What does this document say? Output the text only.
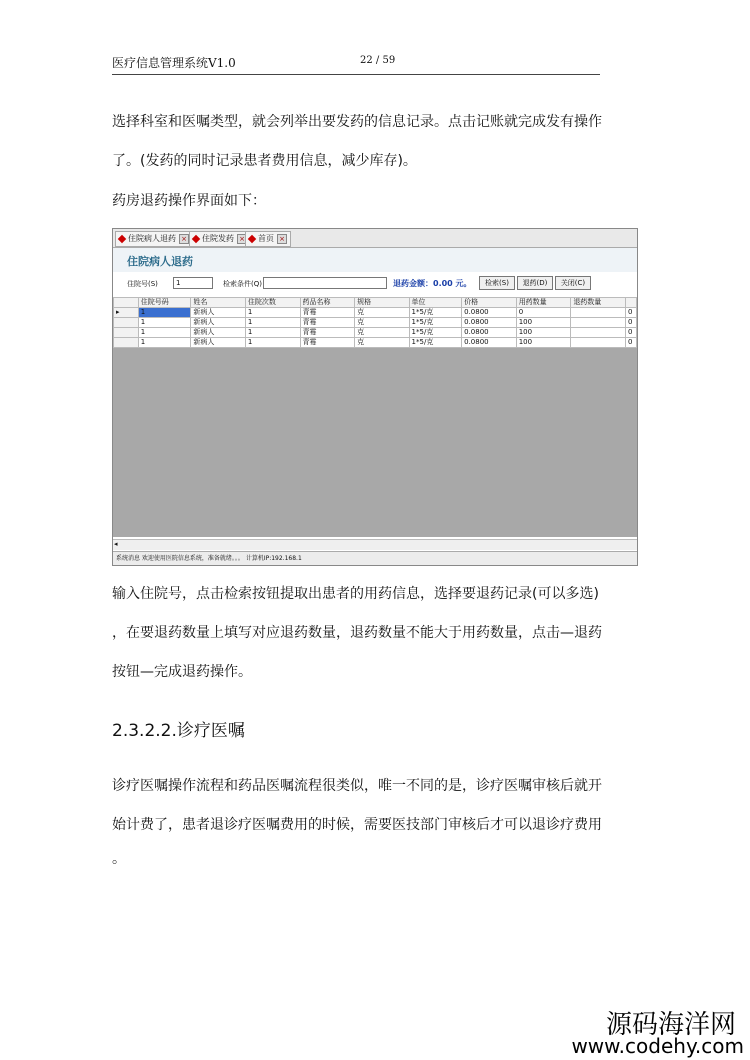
医疗信息管理系统V1.0	22 / 59
选择科室和医嘱类型，就会列举出要发药的信息记录。点击记账就完成发有操作
了。(发药的同时记录患者费用信息，减少库存)。
药房退药操作界面如下：
住院病人退药 ×	住院发药 ×	首页 ×
住院病人退药
住院号(S)	1	检索条件(Q)	退药金额：0.00 元。	检索(S)	退药(D)	关闭(C)
	住院号码	姓名	住院次数	药品名称	规格	单位	价格	用药数量	退药数量	
▸	1	新病人	1	青霉	克	1*5/克	0.0800	0		0
	1	新病人	1	青霉	克	1*5/克	0.0800	100		0
	1	新病人	1	青霉	克	1*5/克	0.0800	100		0
	1	新病人	1	青霉	克	1*5/克	0.0800	100		0
◂
系统消息 欢迎使用医院信息系统，准备就绪。。。 计算机IP:192.168.1
输入住院号，点击检索按钮提取出患者的用药信息，选择要退药记录(可以多选)
，在要退药数量上填写对应退药数量，退药数量不能大于用药数量，点击—退药
按钮—完成退药操作。
2.3.2.2.诊疗医嘱
诊疗医嘱操作流程和药品医嘱流程很类似，唯一不同的是，诊疗医嘱审核后就开
始计费了，患者退诊疗医嘱费用的时候，需要医技部门审核后才可以退诊疗费用
。
源码海洋网
www.codehy.com
